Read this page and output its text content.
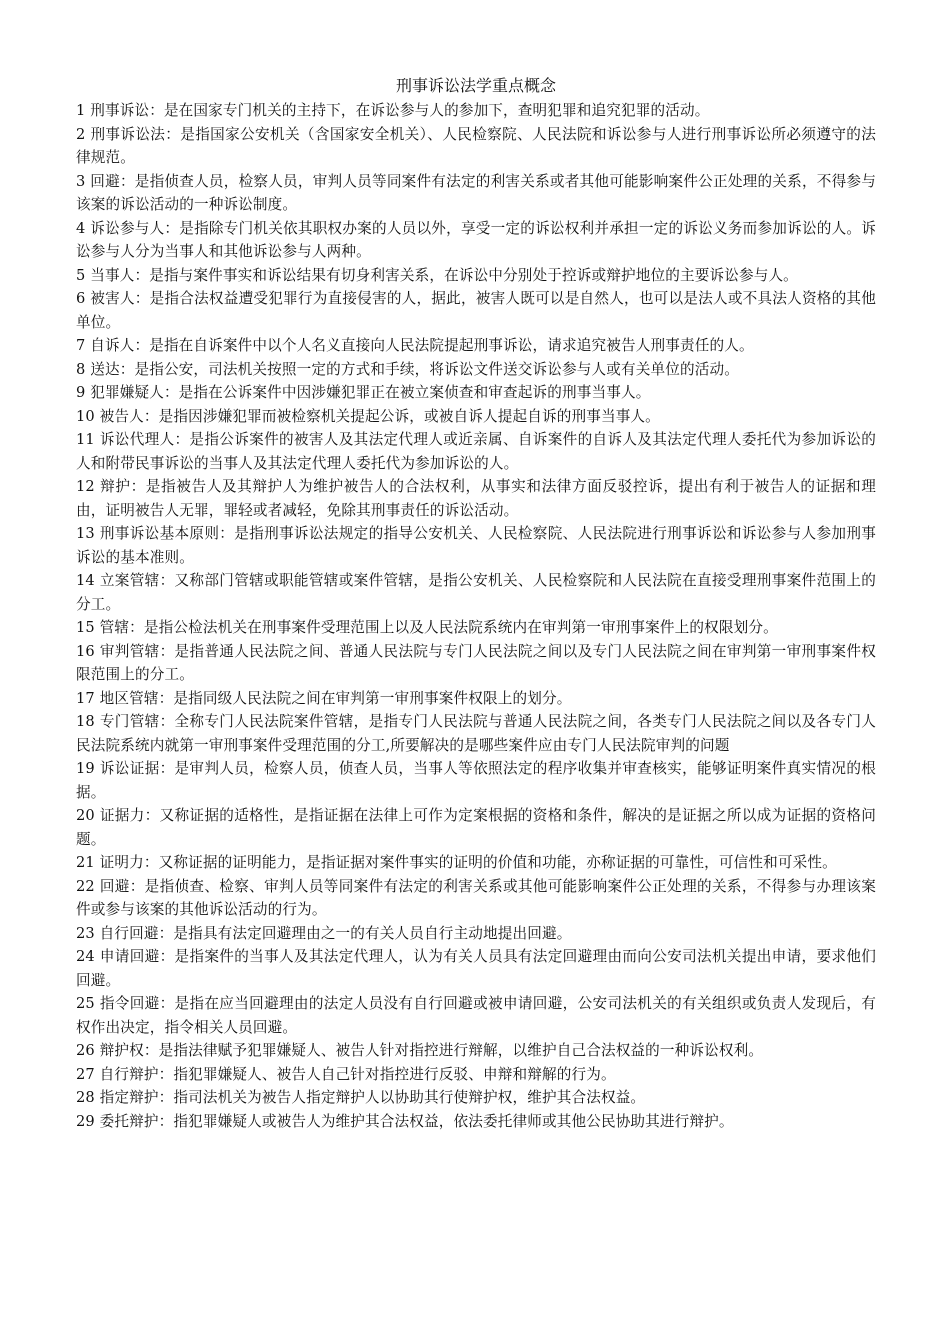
刑事诉讼法学重点概念

1 刑事诉讼：是在国家专门机关的主持下，在诉讼参与人的参加下，查明犯罪和追究犯罪的活动。

2 刑事诉讼法：是指国家公安机关（含国家安全机关）、人民检察院、人民法院和诉讼参与人进行刑事诉讼所必须遵守的法律规范。

3 回避：是指侦查人员，检察人员，审判人员等同案件有法定的利害关系或者其他可能影响案件公正处理的关系，不得参与该案的诉讼活动的一种诉讼制度。

4 诉讼参与人：是指除专门机关依其职权办案的人员以外，享受一定的诉讼权利并承担一定的诉讼义务而参加诉讼的人。诉讼参与人分为当事人和其他诉讼参与人两种。

5 当事人：是指与案件事实和诉讼结果有切身利害关系，在诉讼中分别处于控诉或辩护地位的主要诉讼参与人。

6 被害人：是指合法权益遭受犯罪行为直接侵害的人，据此，被害人既可以是自然人，也可以是法人或不具法人资格的其他单位。

7 自诉人：是指在自诉案件中以个人名义直接向人民法院提起刑事诉讼，请求追究被告人刑事责任的人。

8 送达：是指公安，司法机关按照一定的方式和手续，将诉讼文件送交诉讼参与人或有关单位的活动。

9 犯罪嫌疑人：是指在公诉案件中因涉嫌犯罪正在被立案侦查和审查起诉的刑事当事人。

10 被告人：是指因涉嫌犯罪而被检察机关提起公诉，或被自诉人提起自诉的刑事当事人。

11 诉讼代理人：是指公诉案件的被害人及其法定代理人或近亲属、自诉案件的自诉人及其法定代理人委托代为参加诉讼的人和附带民事诉讼的当事人及其法定代理人委托代为参加诉讼的人。

12 辩护：是指被告人及其辩护人为维护被告人的合法权利，从事实和法律方面反驳控诉，提出有利于被告人的证据和理由，证明被告人无罪，罪轻或者减轻，免除其刑事责任的诉讼活动。

13 刑事诉讼基本原则：是指刑事诉讼法规定的指导公安机关、人民检察院、人民法院进行刑事诉讼和诉讼参与人参加刑事诉讼的基本准则。

14 立案管辖：又称部门管辖或职能管辖或案件管辖，是指公安机关、人民检察院和人民法院在直接受理刑事案件范围上的分工。

15 管辖：是指公检法机关在刑事案件受理范围上以及人民法院系统内在审判第一审刑事案件上的权限划分。

16 审判管辖：是指普通人民法院之间、普通人民法院与专门人民法院之间以及专门人民法院之间在审判第一审刑事案件权限范围上的分工。

17 地区管辖：是指同级人民法院之间在审判第一审刑事案件权限上的划分。

18 专门管辖：全称专门人民法院案件管辖，是指专门人民法院与普通人民法院之间，各类专门人民法院之间以及各专门人民法院系统内就第一审刑事案件受理范围的分工,所要解决的是哪些案件应由专门人民法院审判的问题

19 诉讼证据：是审判人员，检察人员，侦查人员，当事人等依照法定的程序收集并审查核实，能够证明案件真实情况的根据。

20 证据力：又称证据的适格性，是指证据在法律上可作为定案根据的资格和条件，解决的是证据之所以成为证据的资格问题。

21 证明力：又称证据的证明能力，是指证据对案件事实的证明的价值和功能，亦称证据的可靠性，可信性和可采性。

22 回避：是指侦查、检察、审判人员等同案件有法定的利害关系或其他可能影响案件公正处理的关系，不得参与办理该案件或参与该案的其他诉讼活动的行为。

23 自行回避：是指具有法定回避理由之一的有关人员自行主动地提出回避。

24 申请回避：是指案件的当事人及其法定代理人，认为有关人员具有法定回避理由而向公安司法机关提出申请，要求他们回避。

25 指令回避：是指在应当回避理由的法定人员没有自行回避或被申请回避，公安司法机关的有关组织或负责人发现后，有权作出决定，指令相关人员回避。

26 辩护权：是指法律赋予犯罪嫌疑人、被告人针对指控进行辩解，以维护自己合法权益的一种诉讼权利。

27 自行辩护：指犯罪嫌疑人、被告人自己针对指控进行反驳、申辩和辩解的行为。

28 指定辩护：指司法机关为被告人指定辩护人以协助其行使辩护权，维护其合法权益。

29 委托辩护：指犯罪嫌疑人或被告人为维护其合法权益，依法委托律师或其他公民协助其进行辩护。
